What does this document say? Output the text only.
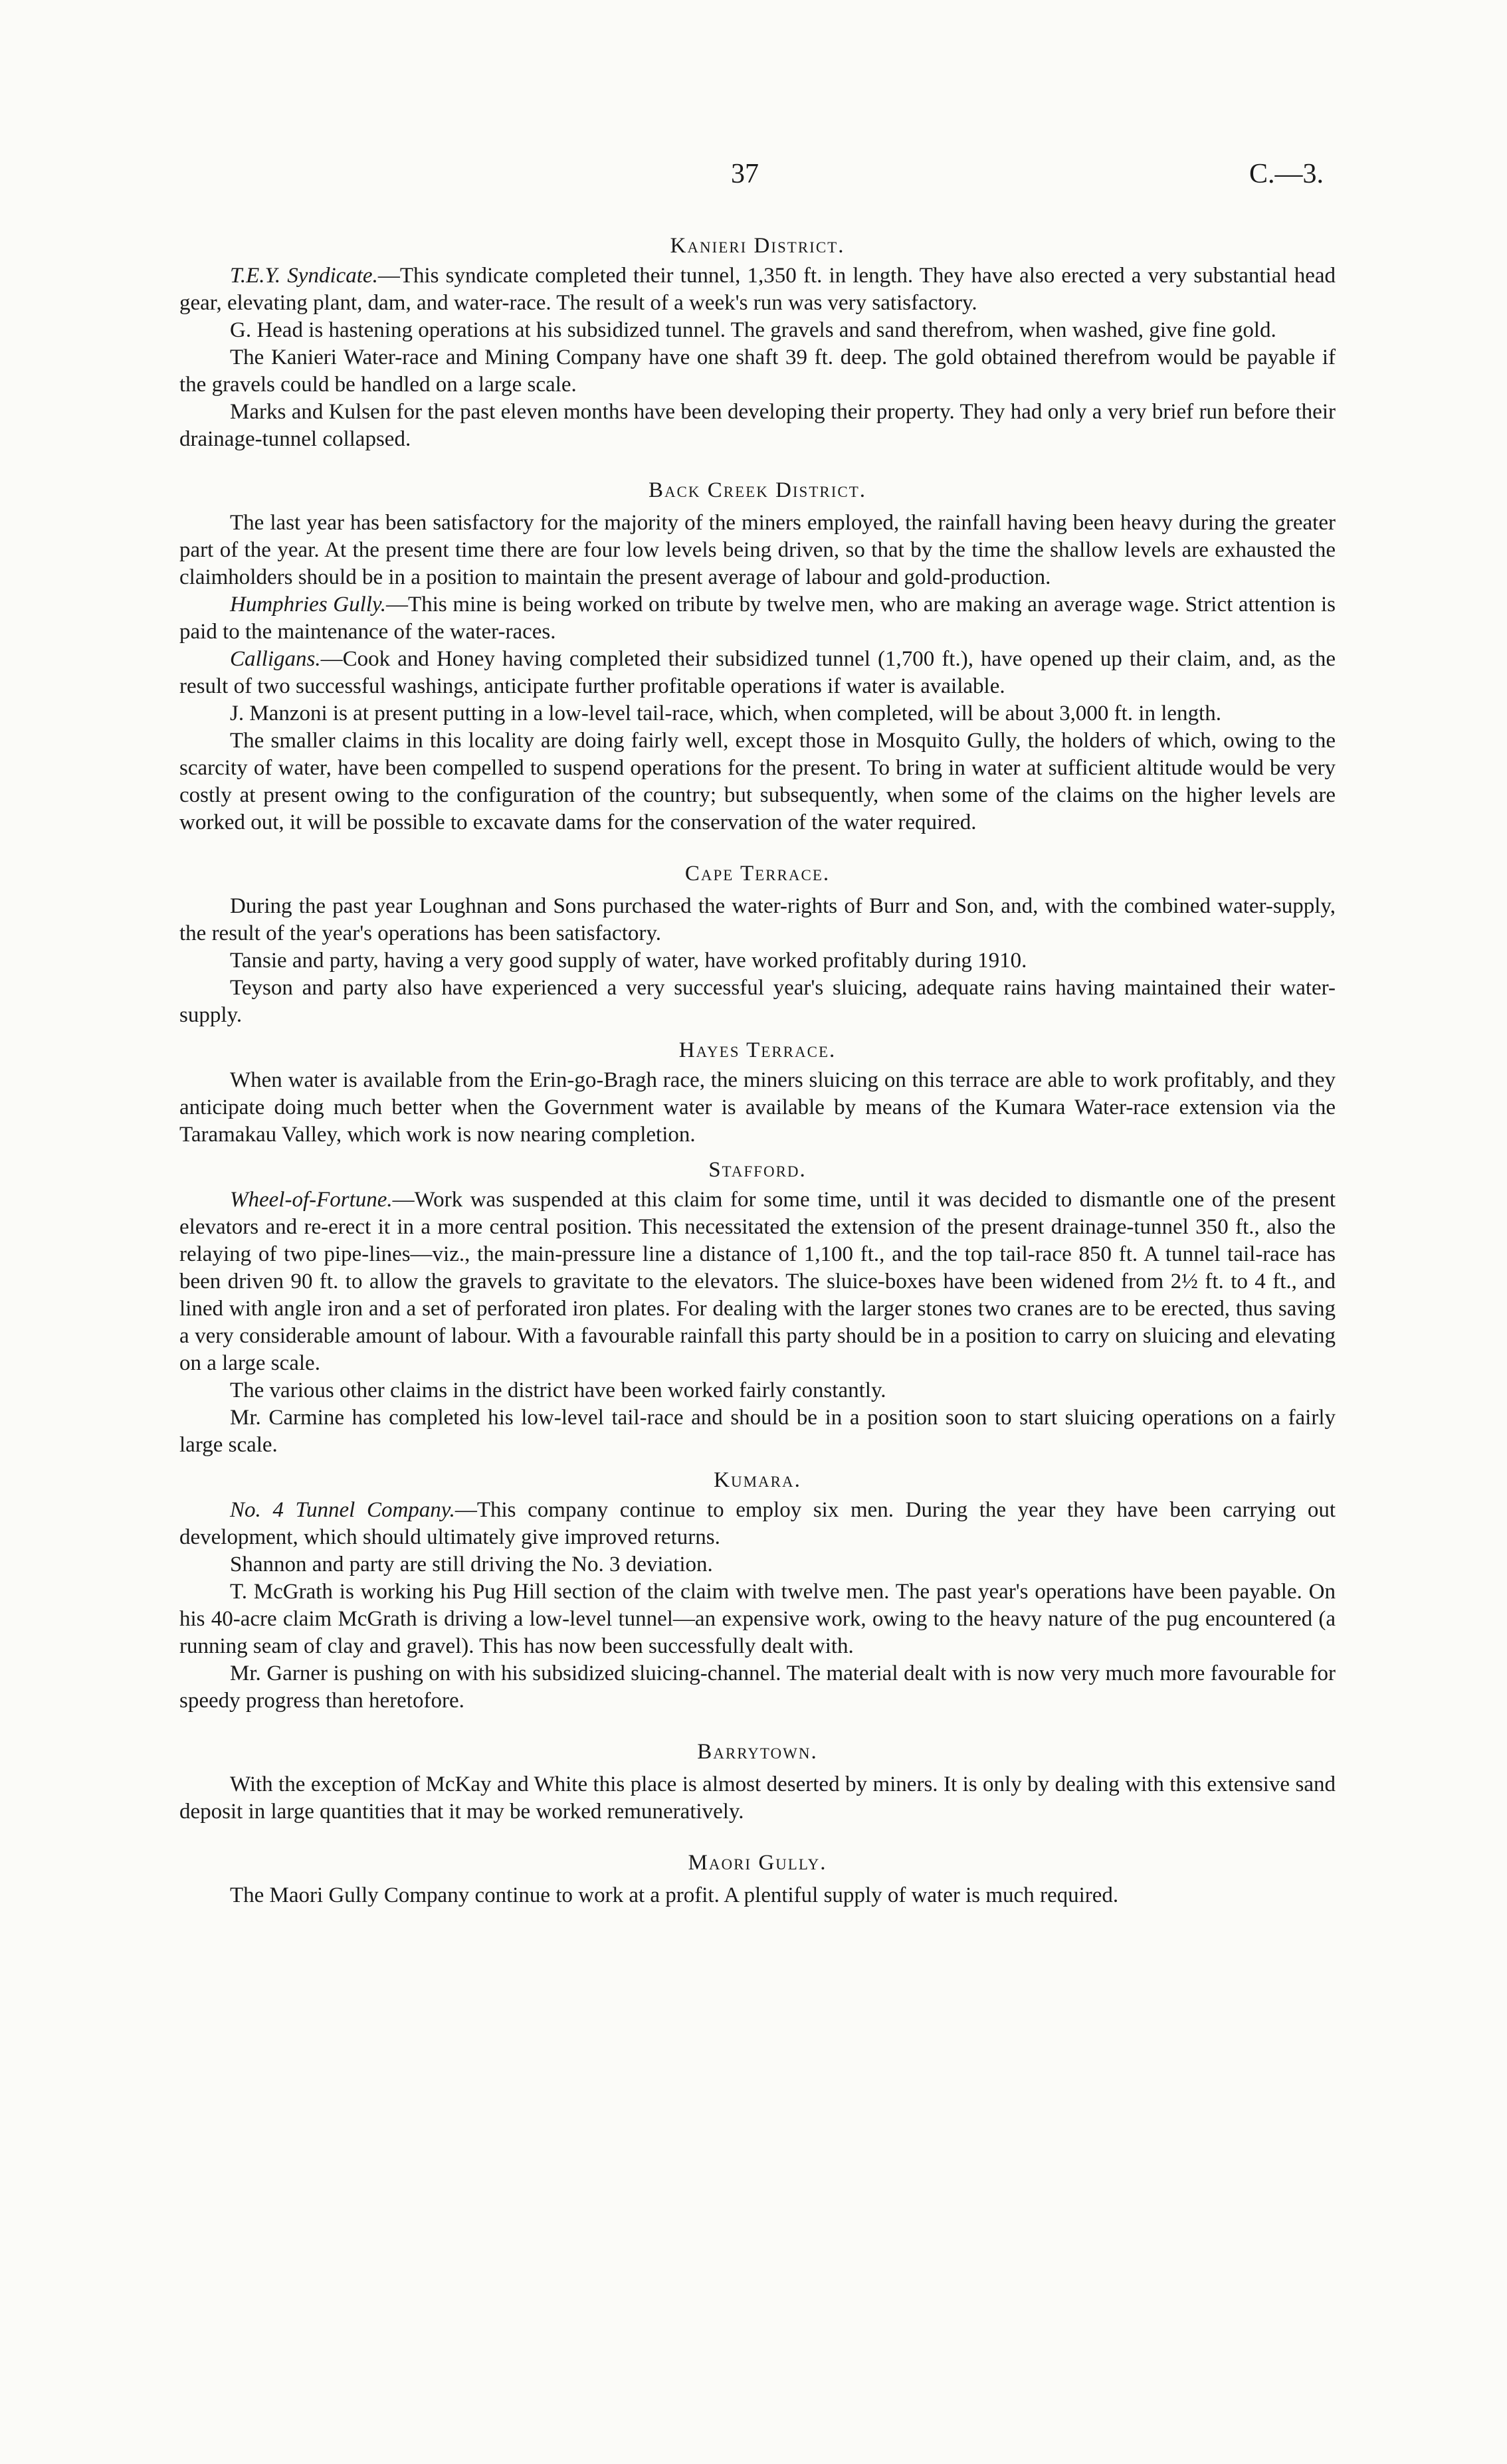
37	C.—3.
Kanieri District.

T.E.Y. Syndicate.—This syndicate completed their tunnel, 1,350 ft. in length. They have also erected a very substantial head gear, elevating plant, dam, and water-race. The result of a week's run was very satisfactory.

G. Head is hastening operations at his subsidized tunnel. The gravels and sand therefrom, when washed, give fine gold.

The Kanieri Water-race and Mining Company have one shaft 39 ft. deep. The gold obtained therefrom would be payable if the gravels could be handled on a large scale.

Marks and Kulsen for the past eleven months have been developing their property. They had only a very brief run before their drainage-tunnel collapsed.

Back Creek District.

The last year has been satisfactory for the majority of the miners employed, the rainfall having been heavy during the greater part of the year. At the present time there are four low levels being driven, so that by the time the shallow levels are exhausted the claimholders should be in a position to maintain the present average of labour and gold-production.

Humphries Gully.—This mine is being worked on tribute by twelve men, who are making an average wage. Strict attention is paid to the maintenance of the water-races.

Calligans.—Cook and Honey having completed their subsidized tunnel (1,700 ft.), have opened up their claim, and, as the result of two successful washings, anticipate further profitable operations if water is available.

J. Manzoni is at present putting in a low-level tail-race, which, when completed, will be about 3,000 ft. in length.

The smaller claims in this locality are doing fairly well, except those in Mosquito Gully, the holders of which, owing to the scarcity of water, have been compelled to suspend operations for the present. To bring in water at sufficient altitude would be very costly at present owing to the configuration of the country; but subsequently, when some of the claims on the higher levels are worked out, it will be possible to excavate dams for the conservation of the water required.

Cape Terrace.

During the past year Loughnan and Sons purchased the water-rights of Burr and Son, and, with the combined water-supply, the result of the year's operations has been satisfactory.

Tansie and party, having a very good supply of water, have worked profitably during 1910.

Teyson and party also have experienced a very successful year's sluicing, adequate rains having maintained their water-supply.

Hayes Terrace.

When water is available from the Erin-go-Bragh race, the miners sluicing on this terrace are able to work profitably, and they anticipate doing much better when the Government water is available by means of the Kumara Water-race extension via the Taramakau Valley, which work is now nearing completion.

Stafford.

Wheel-of-Fortune.—Work was suspended at this claim for some time, until it was decided to dismantle one of the present elevators and re-erect it in a more central position. This necessitated the extension of the present drainage-tunnel 350 ft., also the relaying of two pipe-lines—viz., the main-pressure line a distance of 1,100 ft., and the top tail-race 850 ft. A tunnel tail-race has been driven 90 ft. to allow the gravels to gravitate to the elevators. The sluice-boxes have been widened from 2½ ft. to 4 ft., and lined with angle iron and a set of perforated iron plates. For dealing with the larger stones two cranes are to be erected, thus saving a very considerable amount of labour. With a favourable rainfall this party should be in a position to carry on sluicing and elevating on a large scale.

The various other claims in the district have been worked fairly constantly.

Mr. Carmine has completed his low-level tail-race and should be in a position soon to start sluicing operations on a fairly large scale.

Kumara.

No. 4 Tunnel Company.—This company continue to employ six men. During the year they have been carrying out development, which should ultimately give improved returns.

Shannon and party are still driving the No. 3 deviation.

T. McGrath is working his Pug Hill section of the claim with twelve men. The past year's operations have been payable. On his 40-acre claim McGrath is driving a low-level tunnel—an expensive work, owing to the heavy nature of the pug encountered (a running seam of clay and gravel). This has now been successfully dealt with.

Mr. Garner is pushing on with his subsidized sluicing-channel. The material dealt with is now very much more favourable for speedy progress than heretofore.

Barrytown.

With the exception of McKay and White this place is almost deserted by miners. It is only by dealing with this extensive sand deposit in large quantities that it may be worked remuneratively.

Maori Gully.

The Maori Gully Company continue to work at a profit. A plentiful supply of water is much required.
